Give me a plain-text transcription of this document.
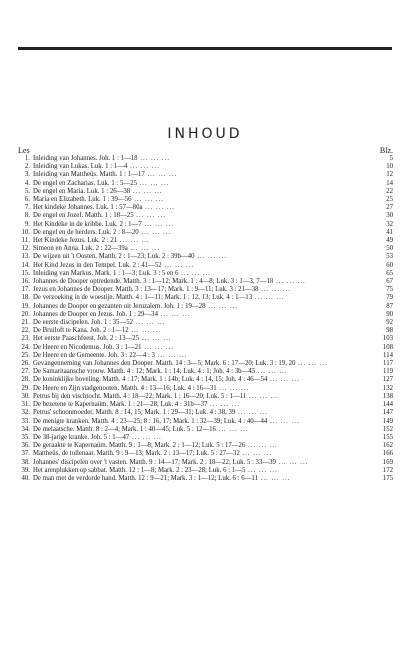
INHOUD
Les	Blz.
1. Inleiding van Johannes. Joh. 1 : 1—18 ... ... ...	5
2. Inleiding van Lukas. Luk. 1 : 1—4 ... ... ...	10
3. Inleiding van Mattheüs. Matth. 1 : 1—17 ... ... ...	12
4. De engel en Zacharias. Luk. 1 : 5—25 ... ... ...	14
5. De engel en Maria. Luk. 1 : 26—38 ... ... ...	22
6. Maria en Elizabeth. Luk. 1 : 39—56 ... ... ...	25
7. Het kindeke Johannes. Luk. 1 : 57—80a ... ... ...	27
8. De engel en Jozef. Matth. 1 : 18—25 ... ... ...	30
9. Het Kindeke in de kribbe. Luk. 2 : 1—7 ... ... ...	32
10. De engel en de herders. Luk. 2 : 8—20 ... ... ...	41
11. Het Kindeke Jezus. Luk. 2 : 21 ... ... ...	49
12. Simeon en Anna. Luk. 2 : 22—39a ... ... ...	50
13. De wijzen uit 't Oosten. Matth. 2 : 1—23; Luk. 2 : 39b—40 ... ... ...	53
14. Het Kind Jezus in den Tempel. Luk. 2 : 41—52 ... ... ...	60
15. Inleiding van Markus. Mark. 1 : 1—3; Luk. 3 : 5 en 6 ... ... ...	65
16. Johannes de Dooper optredende. Matth. 3 : 1—12; Mark. 1 : 4—8; Luk. 3 : 1—3, 7—18 ... ... ...	67
17. Jezus en Johannes de Dooper. Matth. 3 : 13—17; Mark. 1 : 9—11; Luk. 3 : 21—38 ... ... ...	75
18. De verzoeking in de woestijn. Matth. 4 : 1—11; Mark. 1 : 12, 13; Luk. 4 : 1—13 ... ... ...	79
19. Johannes de Dooper en gezanten uit Jeruzalem. Joh. 1 : 19—28 ... ... ...	87
20. Johannes de Dooper en Jezus. Joh. 1 : 29—34 ... ... ...	90
21. De eerste discipelen. Joh. 1 : 35—52 ... ... ...	92
22. De Bruiloft te Kana. Joh. 2 : 1—12 ... ... ...	98
23. Het eerste Paaschfeest. Joh. 2 : 13—25 ... ... ...	103
24. De Heere en Nicodemus. Joh. 3 : 1—21 ... ... ...	108
25. De Heere en de Gemeente. Joh. 3 : 22—4 : 3 ... ... ...	114
26. Gevangenneming van Johannes den Dooper. Matth. 14 : 3—5; Mark. 6 : 17—20; Luk. 3 : 19, 20 ... ... ...	117
27. De Samaritaansche vrouw. Matth. 4 : 12; Mark. 1 : 14; Luk. 4 : 1; Joh. 4 : 3b—45 ... ... ...	119
28. De koninklijke boveling. Matth. 4 : 17; Mark. 1 : 14b; Luk. 4 : 14, 15; Joh. 4 : 46—54 ... ... ...	127
29. De Heere en Zijn stadgenooten. Matth. 4 : 13—16; Luk. 4 : 16—31 ... ... ...	132
30. Petrus bij den vischtocht. Matth. 4 : 18—22; Mark. 1 : 16—20; Luk. 5 : 1—11 ... ... ...	138
31. De bezetene te Kapernaüm. Mark. 1 : 21—28; Luk. 4 : 31b—37 ... ... ...	144
32. Petrus' schoonmoeder. Matth. 8 : 14, 15; Mark. 1 : 29—31; Luk. 4 : 38, 39 ... ... ...	147
33. De menigte kranken. Matth. 4 : 23—25; 8 : 16, 17; Mark. 1 : 32—39; Luk. 4 : 40—44 ... ... ...	149
34. De melaatsche. Matth. 8 : 2—4; Mark. 1 : 40—45; Luk. 5 : 12—16 ... ... ...	152
35. De 38-jarige kranke. Joh. 5 : 1—47 ... ... ...	155
36. De geraakte te Kapernaüm. Matth. 9 : 1—8; Mark. 2 : 1—12; Luk. 5 : 17—26 ... ... ...	162
37. Mattheüs, de tollenaar. Matth. 9 : 9—13; Mark. 2 : 13—17; Luk. 5 : 27—32 ... ... ...	166
38. Johannes' discipelen over 't vasten. Matth. 9 : 14—17; Mark. 2 : 18—22; Luk. 5 : 33—39 ... ... ...	169
39. Het arenplukken op sabbat. Matth. 12 : 1—8; Mark. 2 : 23—28; Luk. 6 : 1—5 ... ... ...	172
40. De man met de verdorde hand. Matth. 12 : 9—21; Mark. 3 : 1—12; Luk. 6 : 6—11 ... ... ...	175
